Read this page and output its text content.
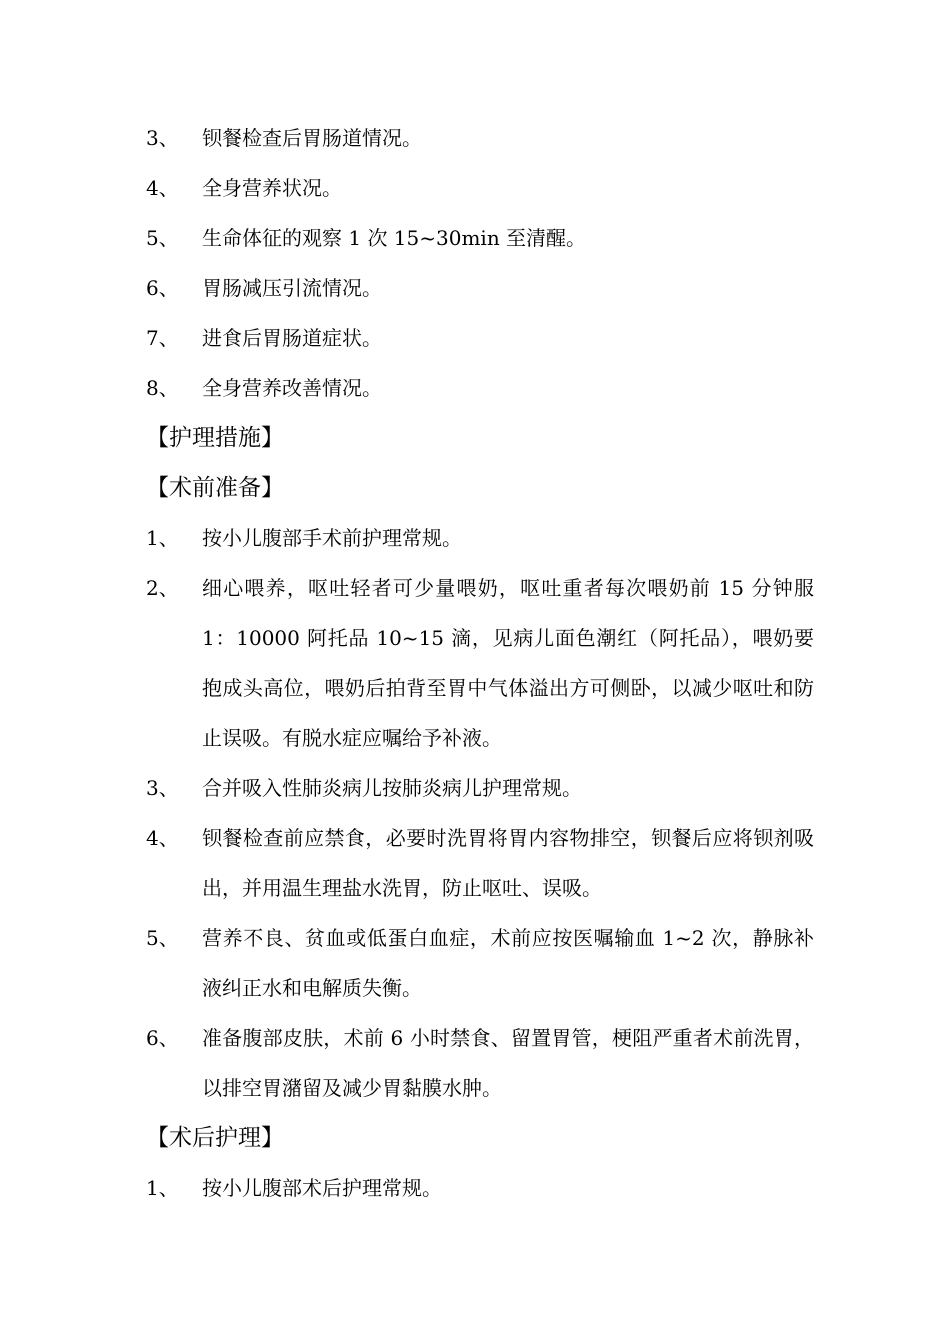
3、	钡餐检查后胃肠道情况。
4、	全身营养状况。
5、	生命体征的观察 1 次 15~30min 至清醒。
6、	胃肠减压引流情况。
7、	进食后胃肠道症状。
8、	全身营养改善情况。
【护理措施】
【术前准备】
1、	按小儿腹部手术前护理常规。
2、	细心喂养，呕吐轻者可少量喂奶，呕吐重者每次喂奶前 15 分钟服 1：10000 阿托品 10~15 滴，见病儿面色潮红（阿托品），喂奶要抱成头高位，喂奶后拍背至胃中气体溢出方可侧卧，以减少呕吐和防止误吸。有脱水症应嘱给予补液。
3、	合并吸入性肺炎病儿按肺炎病儿护理常规。
4、	钡餐检查前应禁食，必要时洗胃将胃内容物排空，钡餐后应将钡剂吸出，并用温生理盐水洗胃，防止呕吐、误吸。
5、	营养不良、贫血或低蛋白血症，术前应按医嘱输血 1~2 次，静脉补液纠正水和电解质失衡。
6、	准备腹部皮肤，术前 6 小时禁食、留置胃管，梗阻严重者术前洗胃，以排空胃潴留及减少胃黏膜水肿。
【术后护理】
1、	按小儿腹部术后护理常规。
